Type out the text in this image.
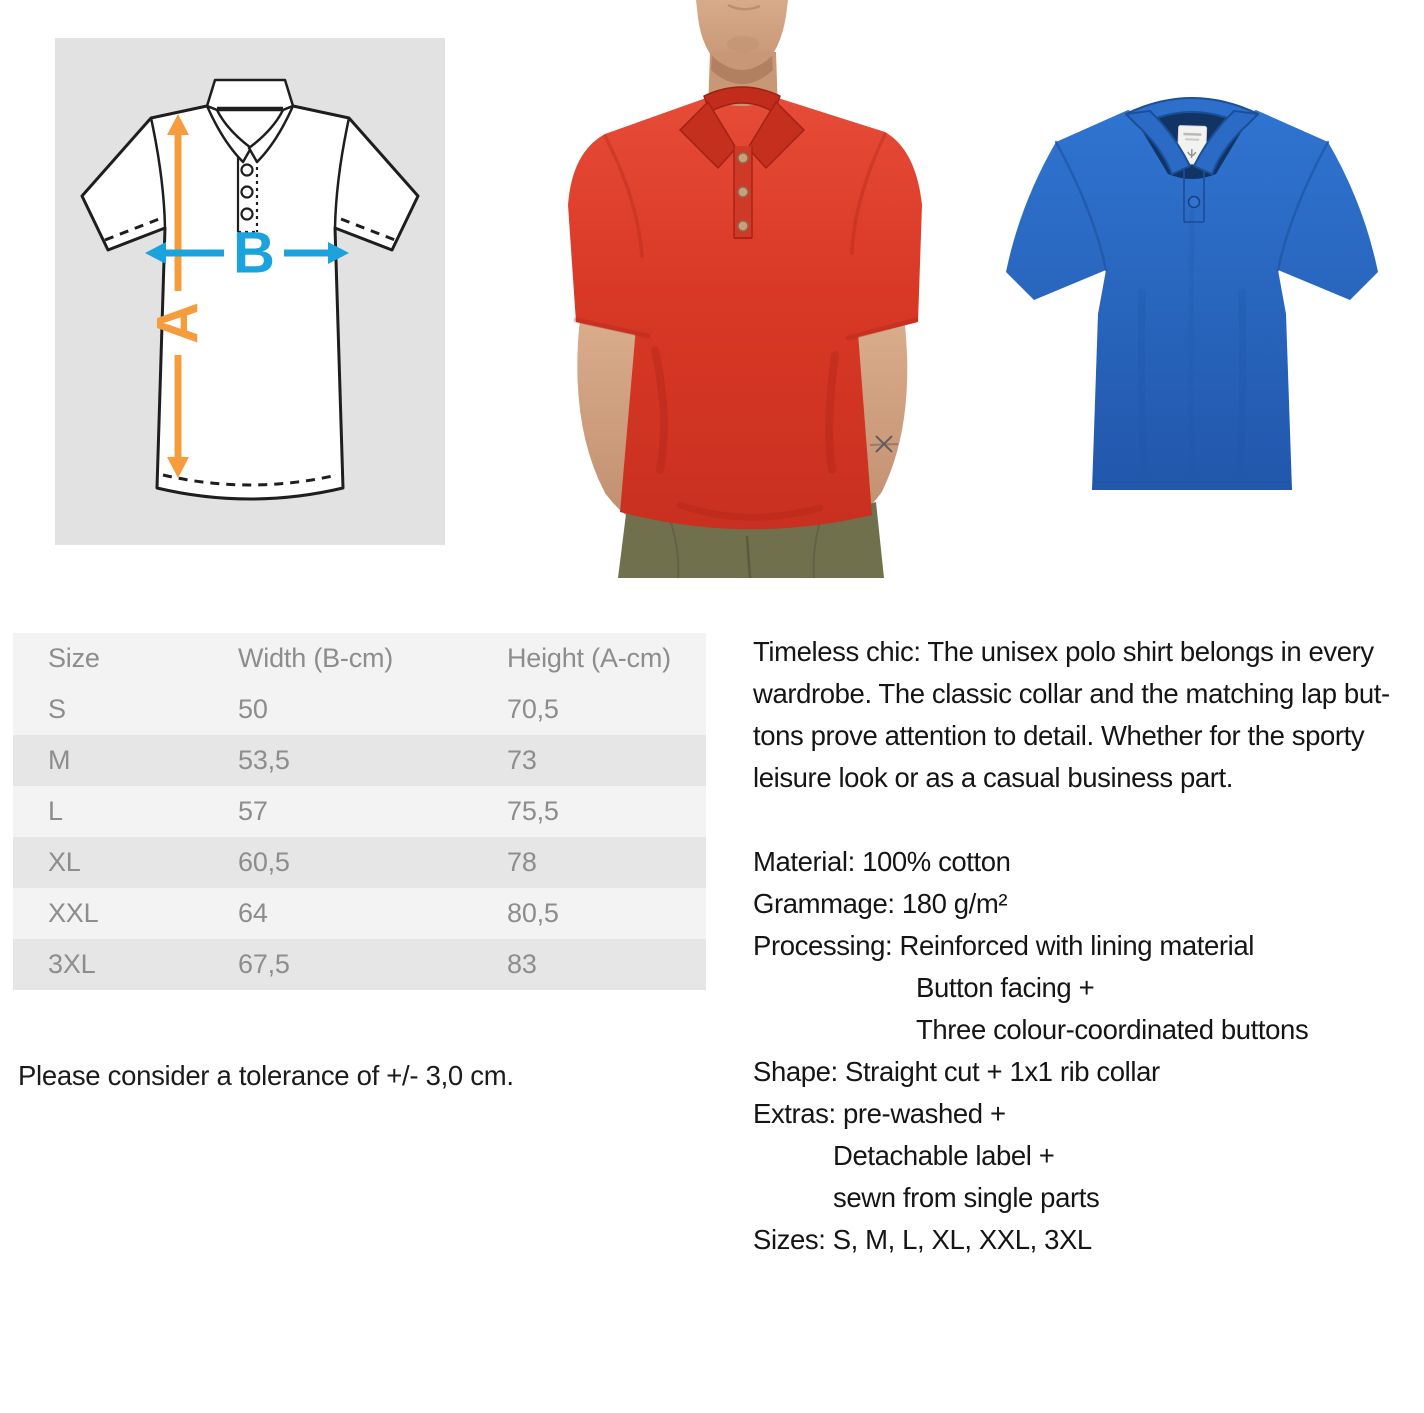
A
B
Size	Width (B-cm)	Height (A-cm)
S	50	70,5
M	53,5	73
L	57	75,5
XL	60,5	78
XXL	64	80,5
3XL	67,5	83
Please consider a tolerance of +/- 3,0 cm.
Timeless chic: The unisex polo shirt belongs in every
wardrobe. The classic collar and the matching lap but-
tons prove attention to detail. Whether for the sporty
leisure look or as a casual business part.
Material: 100% cotton
Grammage: 180 g/m²
Processing: Reinforced with lining material
Button facing +
Three colour-coordinated buttons
Shape: Straight cut + 1x1 rib collar
Extras: pre-washed +
Detachable label +
sewn from single parts
Sizes: S, M, L, XL, XXL, 3XL
